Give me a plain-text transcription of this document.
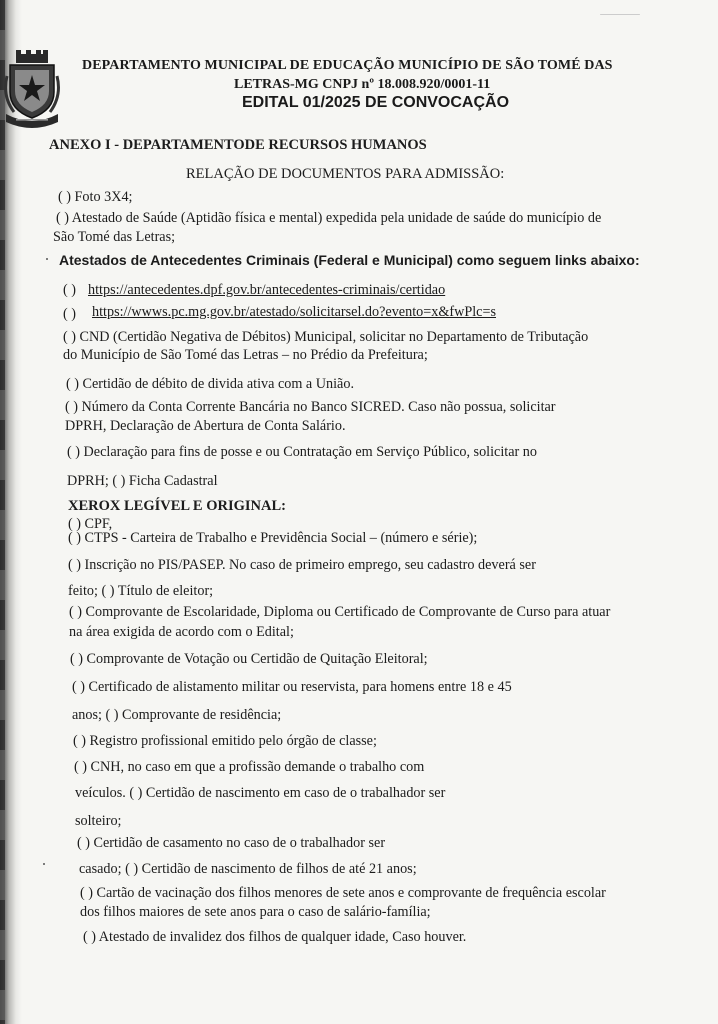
DEPARTAMENTO MUNICIPAL DE EDUCAÇÃO MUNICÍPIO DE SÃO TOMÉ DAS
LETRAS-MG CNPJ nº 18.008.920/0001-11
EDITAL 01/2025 DE CONVOCAÇÃO
ANEXO I - DEPARTAMENTODE RECURSOS HUMANOS
RELAÇÃO DE DOCUMENTOS PARA ADMISSÃO:
( ) Foto 3X4;
( ) Atestado de Saúde (Aptidão física e mental) expedida pela unidade de saúde do município de
São Tomé das Letras;
Atestados de Antecedentes Criminais (Federal e Municipal) como seguem links abaixo:
( ) https://antecedentes.dpf.gov.br/antecedentes-criminais/certidao
( ) https://wwws.pc.mg.gov.br/atestado/solicitarsel.do?evento=x&fwPlc=s
( ) CND (Certidão Negativa de Débitos) Municipal, solicitar no Departamento de Tributação
do Município de São Tomé das Letras – no Prédio da Prefeitura;
( ) Certidão de débito de divida ativa com a União.
( ) Número da Conta Corrente Bancária no Banco SICRED. Caso não possua, solicitar
DPRH, Declaração de Abertura de Conta Salário.
( ) Declaração para fins de posse e ou Contratação em Serviço Público, solicitar no
DPRH; ( ) Ficha Cadastral
XEROX LEGÍVEL E ORIGINAL:
( ) CPF,
( ) CTPS - Carteira de Trabalho e Previdência Social – (número e série);
( ) Inscrição no PIS/PASEP. No caso de primeiro emprego, seu cadastro deverá ser
feito; ( ) Título de eleitor;
( ) Comprovante de Escolaridade, Diploma ou Certificado de Comprovante de Curso para atuar
na área exigida de acordo com o Edital;
( ) Comprovante de Votação ou Certidão de Quitação Eleitoral;
( ) Certificado de alistamento militar ou reservista, para homens entre 18 e 45
anos; ( ) Comprovante de residência;
( ) Registro profissional emitido pelo órgão de classe;
( ) CNH, no caso em que a profissão demande o trabalho com
veículos. ( ) Certidão de nascimento em caso de o trabalhador ser
solteiro;
( ) Certidão de casamento no caso de o trabalhador ser
casado; ( ) Certidão de nascimento de filhos de até 21 anos;
( ) Cartão de vacinação dos filhos menores de sete anos e comprovante de frequência escolar
dos filhos maiores de sete anos para o caso de salário-família;
( ) Atestado de invalidez dos filhos de qualquer idade, Caso houver.
